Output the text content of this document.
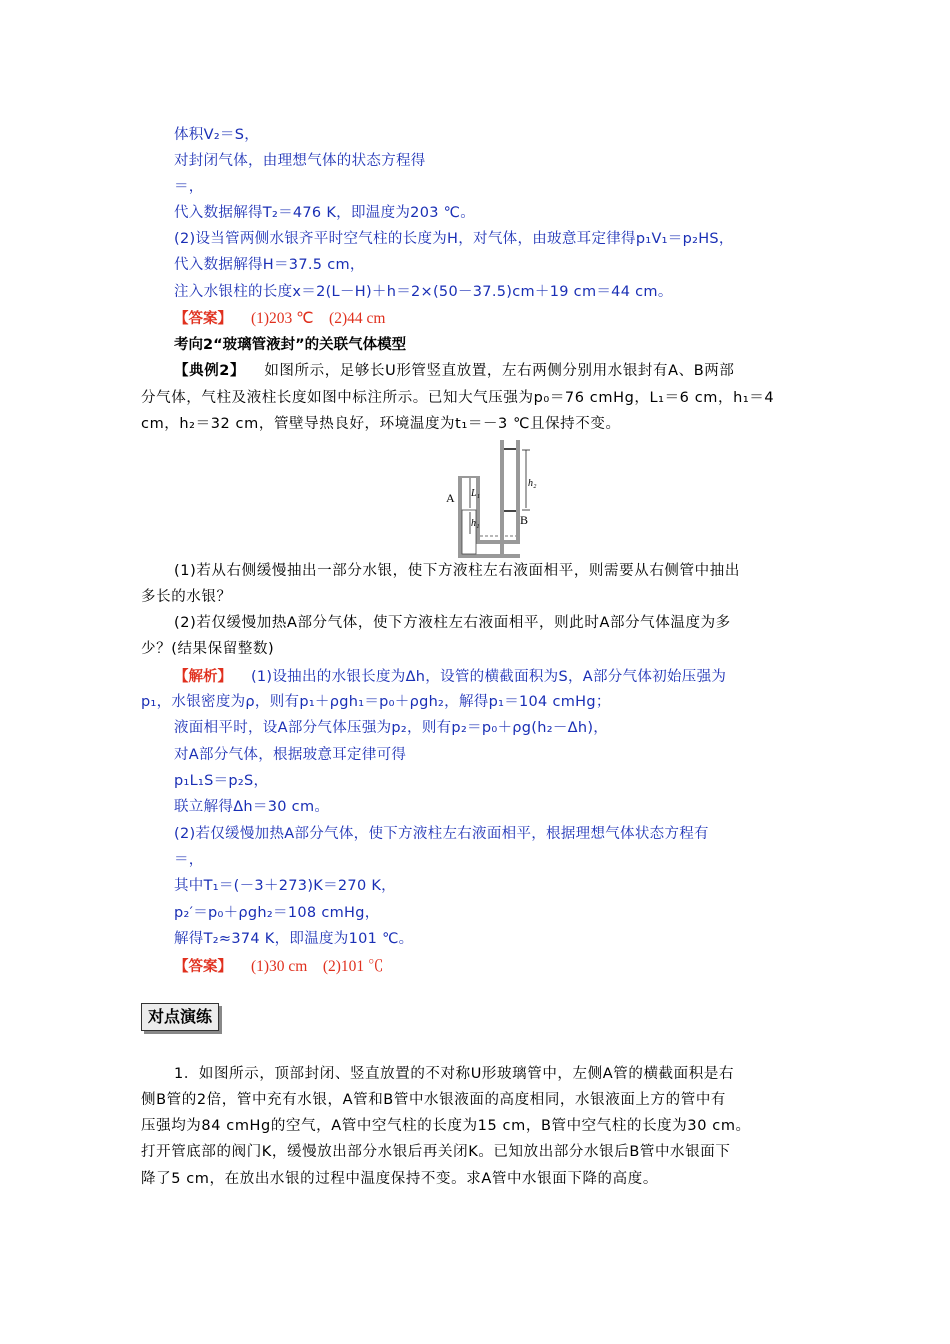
体积V₂＝S，
对封闭气体，由理想气体的状态方程得
＝，
代入数据解得T₂＝476 K，即温度为203 ℃。
(2)设当管两侧水银齐平时空气柱的长度为H，对气体，由玻意耳定律得p₁V₁＝p₂HS，
代入数据解得H＝37.5 cm，
注入水银柱的长度x＝2(L－H)＋h＝2×(50－37.5)cm＋19 cm＝44 cm。
【答案】 (1)203 ℃　(2)44 cm
考向2“玻璃管液封”的关联气体模型
【典例2】 如图所示，足够长U形管竖直放置，左右两侧分别用水银封有A、B两部
分气体，气柱及液柱长度如图中标注所示。已知大气压强为p₀＝76 cmHg，L₁＝6 cm，h₁＝4
cm，h₂＝32 cm，管壁导热良好，环境温度为t₁＝－3 ℃且保持不变。
A L₁
h₁
h₂
B
(1)若从右侧缓慢抽出一部分水银，使下方液柱左右液面相平，则需要从右侧管中抽出
多长的水银？
(2)若仅缓慢加热A部分气体，使下方液柱左右液面相平，则此时A部分气体温度为多
少？(结果保留整数)
【解析】 (1)设抽出的水银长度为Δh，设管的横截面积为S，A部分气体初始压强为
p₁，水银密度为ρ，则有p₁＋ρgh₁＝p₀＋ρgh₂，解得p₁＝104 cmHg；
液面相平时，设A部分气体压强为p₂，则有p₂＝p₀＋ρg(h₂－Δh)，
对A部分气体，根据玻意耳定律可得
p₁L₁S＝p₂S，
联立解得Δh＝30 cm。
(2)若仅缓慢加热A部分气体，使下方液柱左右液面相平，根据理想气体状态方程有
＝，
其中T₁＝(－3＋273)K＝270 K，
p₂′＝p₀＋ρgh₂＝108 cmHg，
解得T₂≈374 K，即温度为101 ℃。
【答案】 (1)30 cm　(2)101 ℃
对点演练
1．如图所示，顶部封闭、竖直放置的不对称U形玻璃管中，左侧A管的横截面积是右
侧B管的2倍，管中充有水银，A管和B管中水银液面的高度相同，水银液面上方的管中有
压强均为84 cmHg的空气，A管中空气柱的长度为15 cm，B管中空气柱的长度为30 cm。
打开管底部的阀门K，缓慢放出部分水银后再关闭K。已知放出部分水银后B管中水银面下
降了5 cm，在放出水银的过程中温度保持不变。求A管中水银面下降的高度。
